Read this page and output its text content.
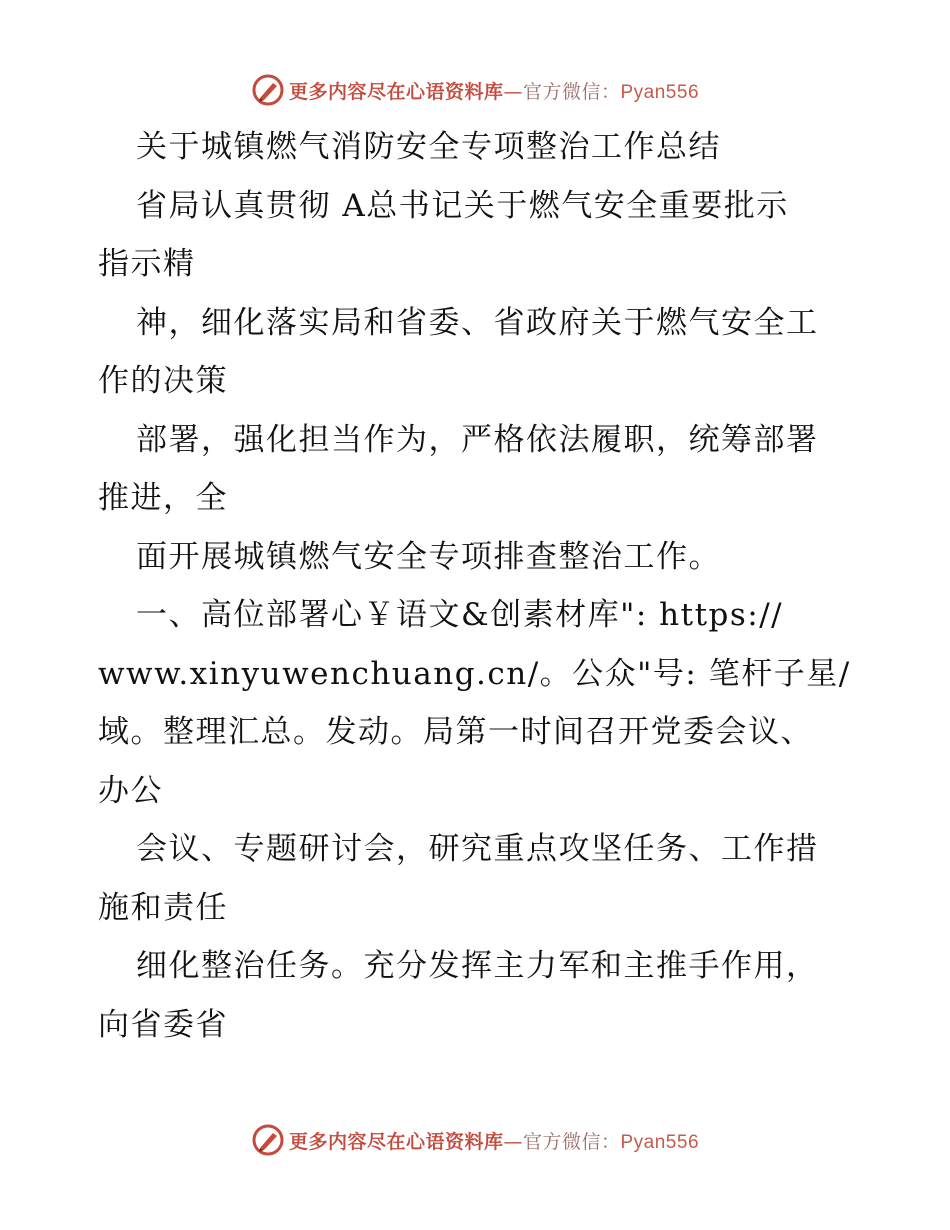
更多内容尽在心语资料库—官方微信：Pyan556
关于城镇燃气消防安全专项整治工作总结
省局认真贯彻 A总书记关于燃气安全重要批示
指示精
神，细化落实局和省委、省政府关于燃气安全工
作的决策
部署，强化担当作为，严格依法履职，统筹部署
推进，全
面开展城镇燃气安全专项排查整治工作。
一、高位部署心￥语文&创素材库": https://
www.xinyuwenchuang.cn/。公众"号: 笔杆子星/
域。整理汇总。发动。局第一时间召开党委会议、
办公
会议、专题研讨会，研究重点攻坚任务、工作措
施和责任
细化整治任务。充分发挥主力军和主推手作用，
向省委省
更多内容尽在心语资料库—官方微信：Pyan556
